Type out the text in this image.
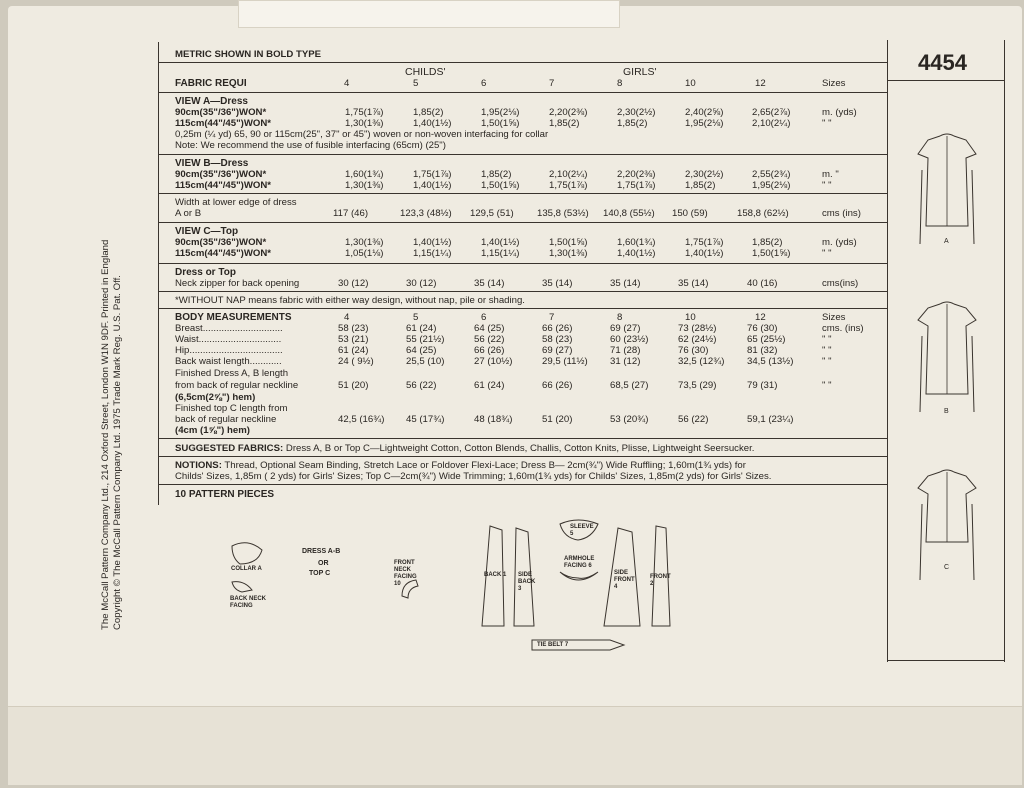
The McCall Pattern Company Ltd., 214 Oxford Street, London W1N 9DF. Printed in England
Copyright © The McCall Pattern Company Ltd. 1975 Trade Mark Reg. U.S. Pat. Off.
METRIC SHOWN IN BOLD TYPE	4454
CHILDS'	GIRLS'
FABRIC REQUI	4	5	6	7	8	10	12	Sizes
VIEW A—Dress
90cm(35"/36")WON*	1,75(1⅞)	1,85(2)	1,95(2⅛)	2,20(2⅜)	2,30(2½)	2,40(2⅝)	2,65(2⅞)	m. (yds)
115cm(44"/45")WON*	1,30(1⅜)	1,40(1½)	1,50(1⅝)	1,85(2)	1,85(2)	1,95(2⅛)	2,10(2¼)	" "
0,25m (¼ yd) 65, 90 or 115cm(25", 37" or 45") woven or non-woven interfacing for collar
Note: We recommend the use of fusible interfacing (65cm) (25")
VIEW B—Dress
90cm(35"/36")WON*	1,60(1¾)	1,75(1⅞)	1,85(2)	2,10(2¼)	2,20(2⅜)	2,30(2½)	2,55(2¾)	m. "
115cm(44"/45")WON*	1,30(1⅜)	1,40(1½)	1,50(1⅝)	1,75(1⅞)	1,75(1⅞)	1,85(2)	1,95(2⅛)	" "
Width at lower edge of dress
A or B	117 (46)	123,3 (48½) 129,5 (51) 135,8 (53½) 140,8 (55½) 150 (59)	158,8 (62½)	cms (ins)
VIEW C—Top
90cm(35"/36")WON*	1,30(1⅜)	1,40(1½)	1,40(1½)	1,50(1⅝)	1,60(1¾)	1,75(1⅞)	1,85(2)	m. (yds)
115cm(44"/45")WON*	1,05(1⅛)	1,15(1¼)	1,15(1¼)	1,30(1⅜)	1,40(1½)	1,40(1½)	1,50(1⅝)	" "
Dress or Top
Neck zipper for back opening	30 (12)	30 (12)	35 (14)	35 (14)	35 (14)	35 (14)	40 (16)	cms(ins)
*WITHOUT NAP means fabric with either way design, without nap, pile or shading.
BODY MEASUREMENTS	4	5	6	7	8	10	12	Sizes
Breast..............................	58 (23)	61 (24)	64 (25)	66 (26)	69 (27)	73 (28½)	76 (30)	cms. (ins)
Waist...............................	53 (21)	55 (21½)	56 (22)	58 (23)	60 (23½)	62 (24½)	65 (25½)	" "
Hip...................................	61 (24)	64 (25)	66 (26)	69 (27)	71 (28)	76 (30)	81 (32)	" "
Back waist length............	24 ( 9½)	25,5 (10)	27 (10½)	29,5 (11½) 31 (12)	32,5 (12¾) 34,5 (13½)	" "
Finished Dress A, B length
from back of regular neckline
(6,5cm(2⅝") hem)
51 (20)	56 (22)	61 (24)	66 (26)	68,5 (27)	73,5 (29)	79 (31)	" "
Finished top C length from
back of regular neckline
(4cm (1⅝") hem)
42,5 (16¾) 45 (17¾)	48 (18¾)	51 (20)	53 (20¾)	56 (22)	59,1 (23¼)
SUGGESTED FABRICS: Dress A, B or Top C—Lightweight Cotton, Cotton Blends, Challis, Cotton Knits, Plisse, Lightweight Seersucker.
NOTIONS: Thread, Optional Seam Binding, Stretch Lace or Foldover Flexi-Lace; Dress B— 2cm(¾") Wide Ruffling; 1,60m(1¾ yds) for
Childs' Sizes, 1,85m ( 2 yds) for Girls' Sizes; Top C—2cm(¾") Wide Trimming; 1,60m(1¾ yds) for Childs' Sizes, 1,85m(2 yds) for Girls' Sizes.
10 PATTERN PIECES
COLLAR A
BACK NECK FACING
DRESS A-B
OR
TOP C
FRONT NECK FACING 10
BACK 1 SIDE BACK 3
SLEEVE 5
ARMHOLE FACING 6
SIDE FRONT 4
FRONT 2
TIE BELT 7
A
B
C
